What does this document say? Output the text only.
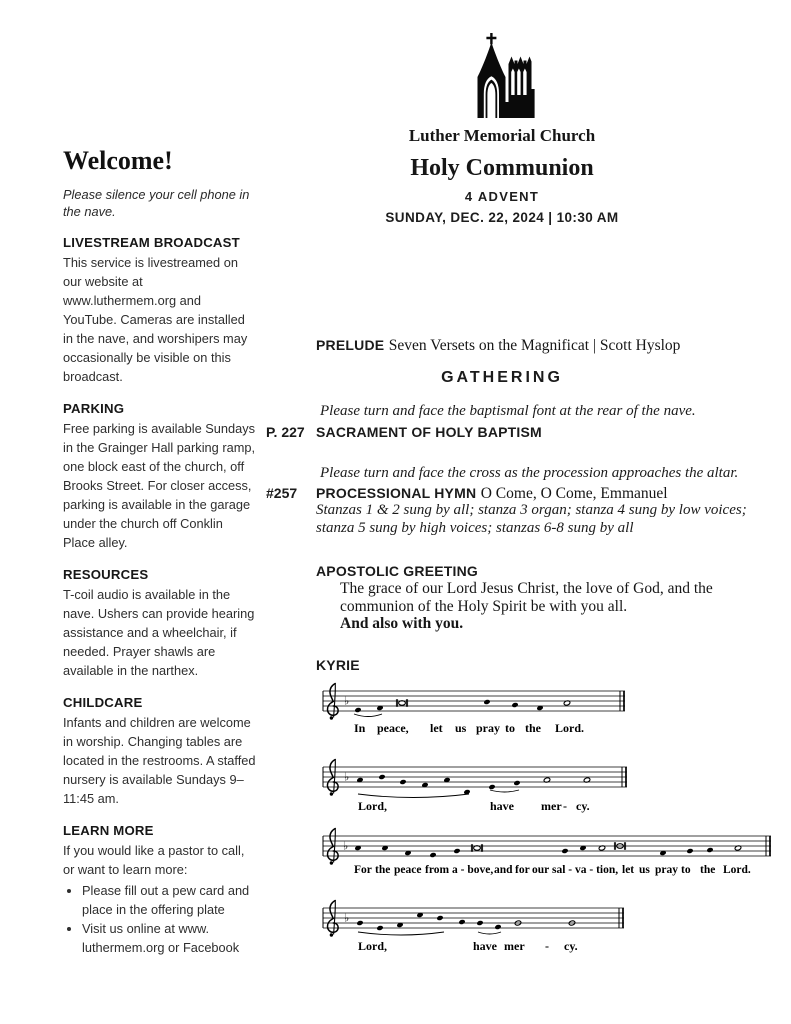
Luther Memorial Church
Holy Communion
4 ADVENT
SUNDAY, DEC. 22, 2024 | 10:30 AM
Welcome!
Please silence your cell phone in the nave.
LIVESTREAM BROADCAST
This service is livestreamed on our website at www.luthermem.org and YouTube. Cameras are installed in the nave, and worshipers may occasionally be visible on this broadcast.
PARKING
Free parking is available Sundays in the Grainger Hall parking ramp, one block east of the church, off Brooks Street. For closer access, parking is available in the garage under the church off Conklin Place alley.
RESOURCES
T-coil audio is available in the nave. Ushers can provide hearing assistance and a wheelchair, if needed. Prayer shawls are available in the narthex.
CHILDCARE
Infants and children are welcome in worship. Changing tables are located in the restrooms. A staffed nursery is available Sundays 9–11:45 am.
LEARN MORE
If you would like a pastor to call, or want to learn more:
• Please fill out a pew card and place in the offering plate
• Visit us online at www. luthermem.org or Facebook
PRELUDE Seven Versets on the Magnificat | Scott Hyslop
GATHERING
Please turn and face the baptismal font at the rear of the nave.
P. 227 SACRAMENT OF HOLY BAPTISM
Please turn and face the cross as the procession approaches the altar.
#257 PROCESSIONAL HYMN O Come, O Come, Emmanuel
Stanzas 1 & 2 sung by all; stanza 3 organ; stanza 4 sung by low voices;
stanza 5 sung by high voices; stanzas 6-8 sung by all
APOSTOLIC GREETING
The grace of our Lord Jesus Christ, the love of God, and the
communion of the Holy Spirit be with you all.
And also with you.
KYRIE
♭
In peace, let us pray to the Lord.
♭
Lord,	have mer - cy.
♭
For the peace from a - bove, and for our sal - va - tion, let us pray to the Lord.
♭
Lord,	have mer - cy.
